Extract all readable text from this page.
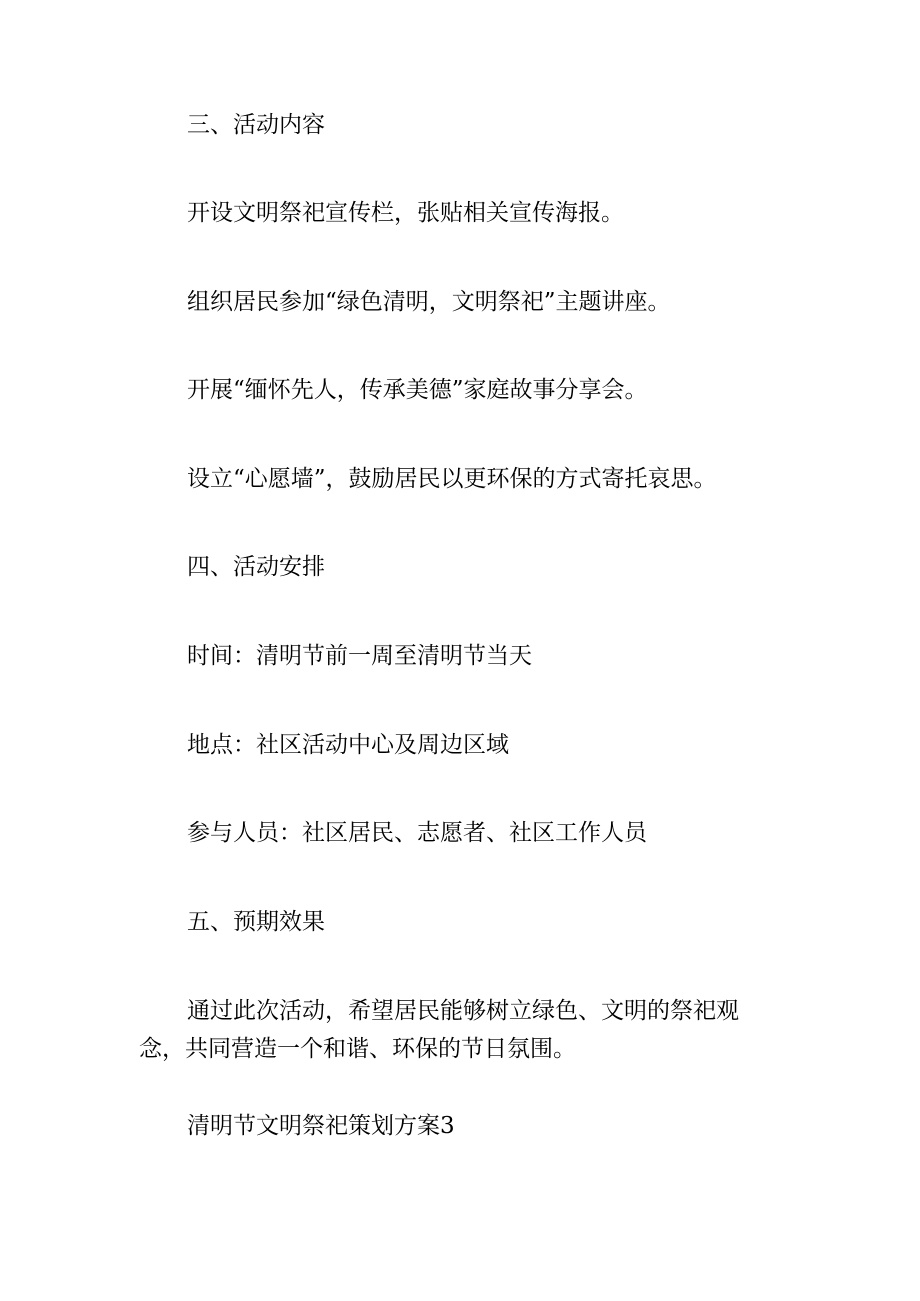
三、活动内容
开设文明祭祀宣传栏，张贴相关宣传海报。
组织居民参加“绿色清明，文明祭祀”主题讲座。
开展“缅怀先人，传承美德”家庭故事分享会。
设立“心愿墙”，鼓励居民以更环保的方式寄托哀思。
四、活动安排
时间：清明节前一周至清明节当天
地点：社区活动中心及周边区域
参与人员：社区居民、志愿者、社区工作人员
五、预期效果
通过此次活动，希望居民能够树立绿色、文明的祭祀观念，共同营造一个和谐、环保的节日氛围。
清明节文明祭祀策划方案3
